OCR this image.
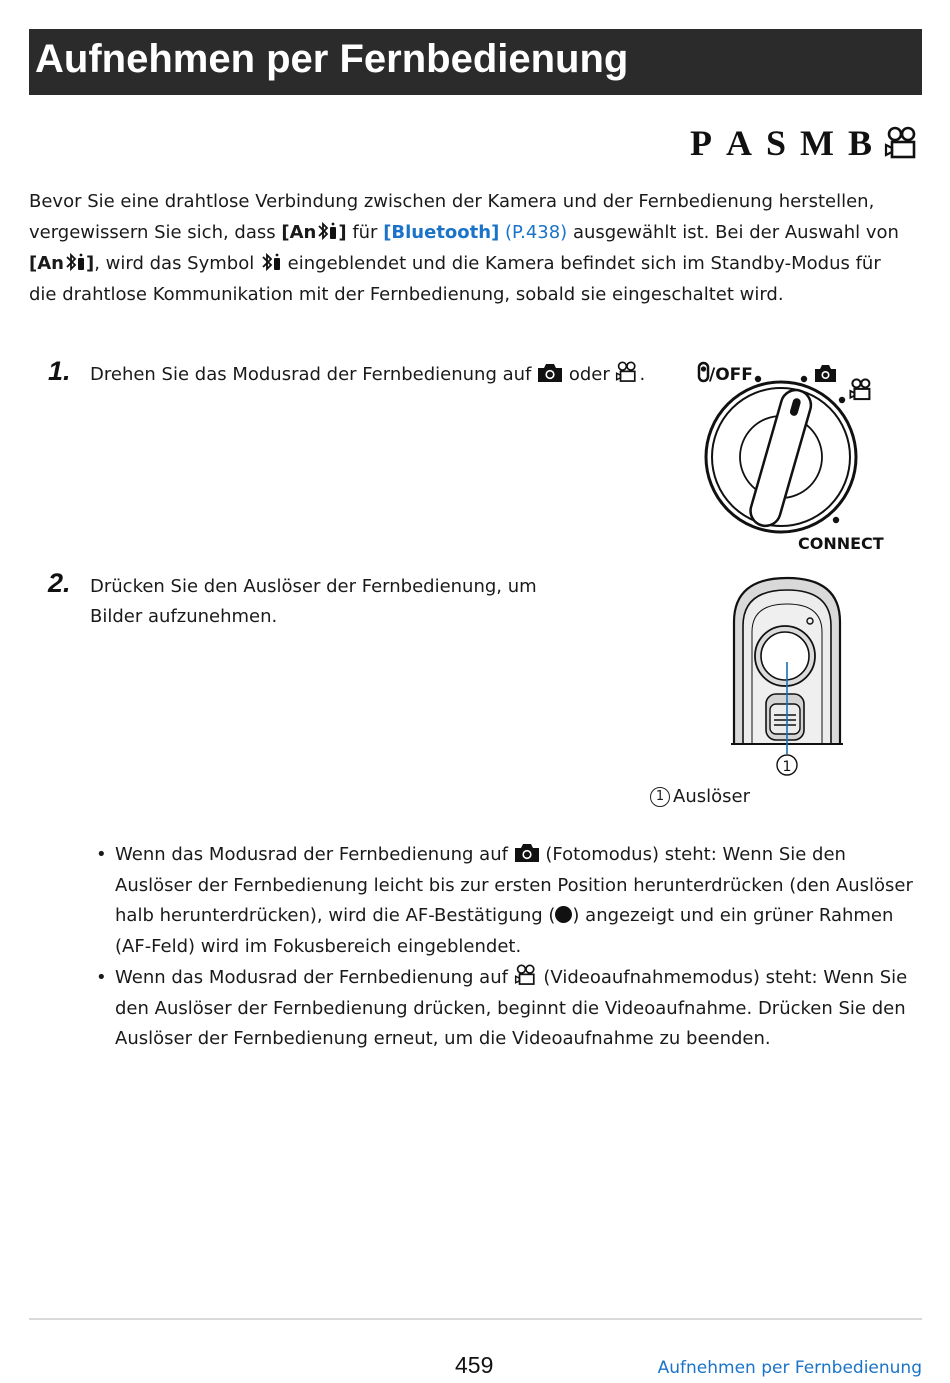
Aufnehmen per Fernbedienung
P A S M B
Bevor Sie eine drahtlose Verbindung zwischen der Kamera und der Fernbedienung herstellen, vergewissern Sie sich, dass [An ] für [Bluetooth] (P.438) ausgewählt ist. Bei der Auswahl von
[An ], wird das Symbol  eingeblendet und die Kamera befindet sich im Standby-Modus für die drahtlose Kommunikation mit der Fernbedienung, sobald sie eingeschaltet wird.
1. Drehen Sie das Modusrad der Fernbedienung auf  oder .	/OFF
CONNECT
2. Drücken Sie den Auslöser der Fernbedienung, um Bilder aufzunehmen.
1
1 Auslöser
• Wenn das Modusrad der Fernbedienung auf  (Fotomodus) steht: Wenn Sie den Auslöser der Fernbedienung leicht bis zur ersten Position herunterdrücken (den Auslöser halb herunterdrücken), wird die AF-Bestätigung ( ) angezeigt und ein grüner Rahmen (AF-Feld) wird im Fokusbereich eingeblendet.
• Wenn das Modusrad der Fernbedienung auf  (Videoaufnahmemodus) steht: Wenn Sie den Auslöser der Fernbedienung drücken, beginnt die Videoaufnahme. Drücken Sie den Auslöser der Fernbedienung erneut, um die Videoaufnahme zu beenden.
459	Aufnehmen per Fernbedienung
